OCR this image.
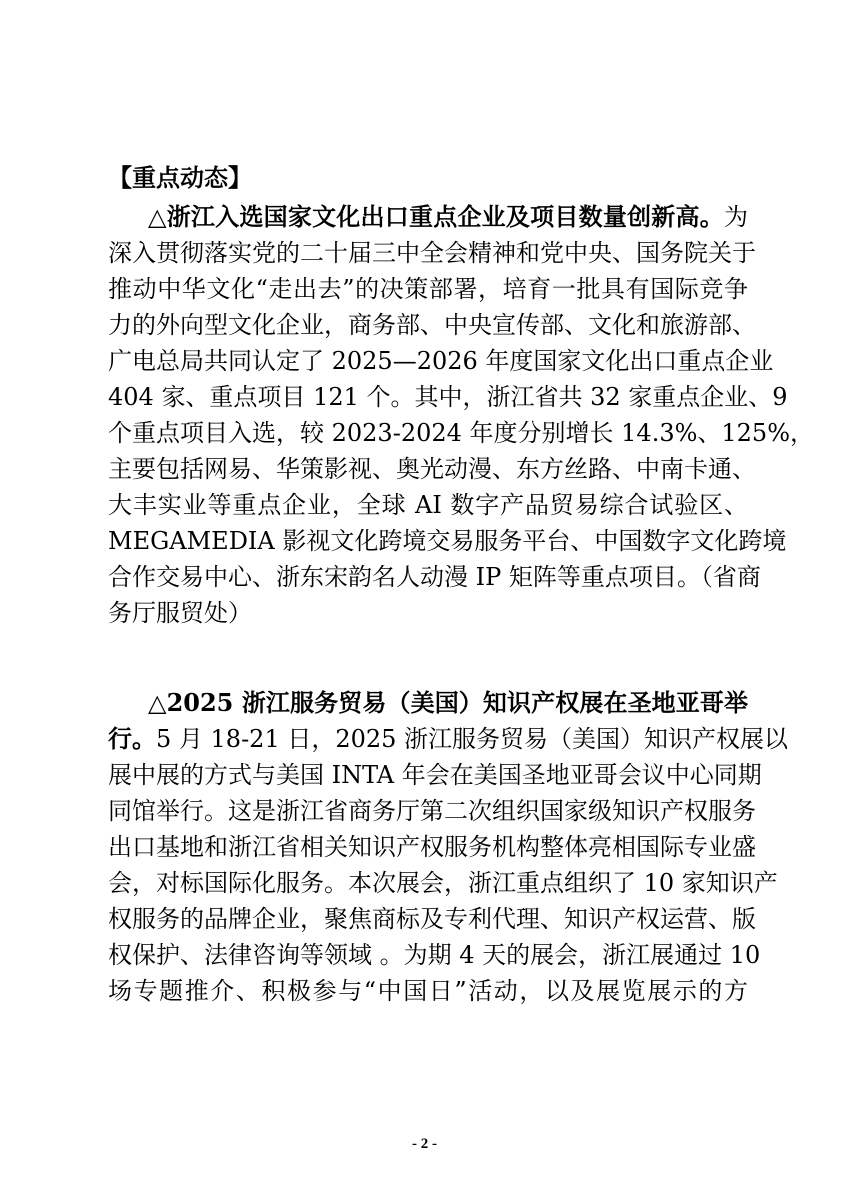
【重点动态】
△浙江入选国家文化出口重点企业及项目数量创新高。为
深入贯彻落实党的二十届三中全会精神和党中央、国务院关于
推动中华文化“走出去”的决策部署，培育一批具有国际竞争
力的外向型文化企业，商务部、中央宣传部、文化和旅游部、
广电总局共同认定了 2025—2026 年度国家文化出口重点企业
404 家、重点项目 121 个。其中，浙江省共 32 家重点企业、9
个重点项目入选，较 2023-2024 年度分别增长 14.3%、125%，
主要包括网易、华策影视、奥光动漫、东方丝路、中南卡通、
大丰实业等重点企业，全球 AI 数字产品贸易综合试验区、
MEGAMEDIA 影视文化跨境交易服务平台、中国数字文化跨境
合作交易中心、浙东宋韵名人动漫 IP 矩阵等重点项目。（省商
务厅服贸处）
△2025 浙江服务贸易（美国）知识产权展在圣地亚哥举
行。5 月 18-21 日，2025 浙江服务贸易（美国）知识产权展以
展中展的方式与美国 INTA 年会在美国圣地亚哥会议中心同期
同馆举行。这是浙江省商务厅第二次组织国家级知识产权服务
出口基地和浙江省相关知识产权服务机构整体亮相国际专业盛
会，对标国际化服务。本次展会，浙江重点组织了 10 家知识产
权服务的品牌企业，聚焦商标及专利代理、知识产权运营、版
权保护、法律咨询等领域 。为期 4 天的展会，浙江展通过 10
场专题推介、积极参与“中国日”活动，以及展览展示的方
- 2 -
